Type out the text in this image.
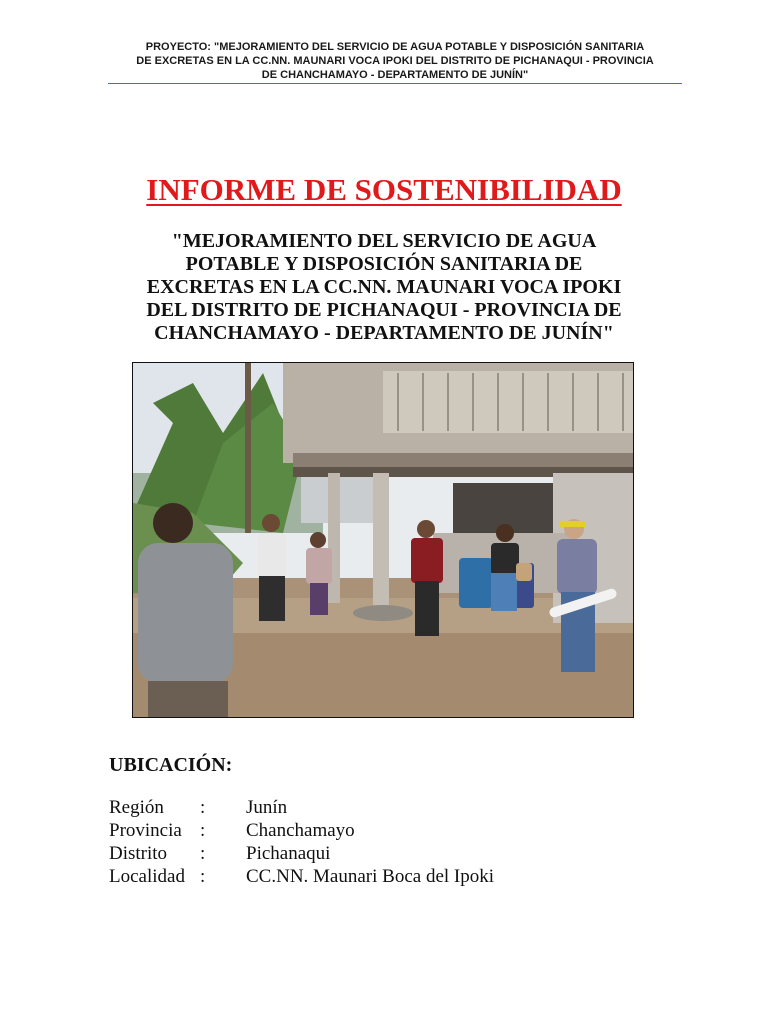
PROYECTO: "MEJORAMIENTO DEL SERVICIO DE AGUA POTABLE Y DISPOSICIÓN SANITARIA
DE EXCRETAS EN LA CC.NN. MAUNARI VOCA IPOKI DEL DISTRITO DE PICHANAQUI - PROVINCIA
DE CHANCHAMAYO - DEPARTAMENTO DE JUNÍN"
INFORME DE SOSTENIBILIDAD
"MEJORAMIENTO DEL SERVICIO DE AGUA
POTABLE Y DISPOSICIÓN SANITARIA DE
EXCRETAS EN LA CC.NN. MAUNARI VOCA IPOKI
DEL DISTRITO DE PICHANAQUI - PROVINCIA DE
CHANCHAMAYO - DEPARTAMENTO DE JUNÍN"
UBICACIÓN:
Región : Junín
Provincia : Chanchamayo
Distrito : Pichanaqui
Localidad : CC.NN. Maunari Boca del Ipoki
